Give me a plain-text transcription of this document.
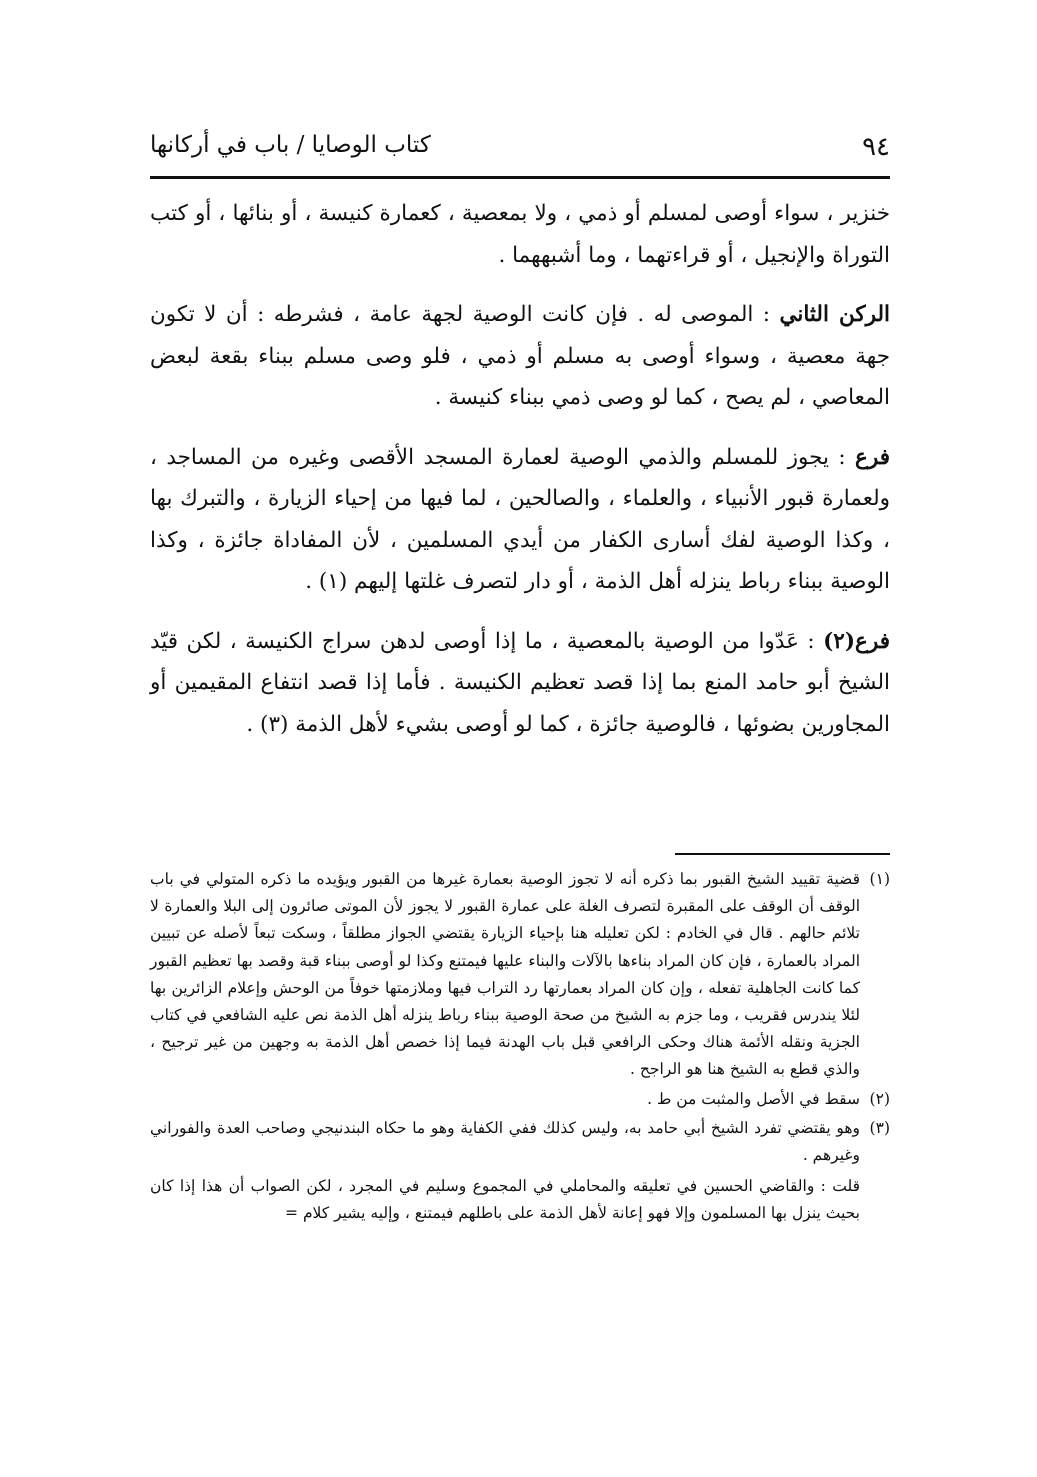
كتاب الوصايا / باب في أركانها	٩٤

خنزير ، سواء أوصى لمسلم أو ذمي ، ولا بمعصية ، كعمارة كنيسة ، أو بنائها ، أو كتب التوراة والإنجيل ، أو قراءتهما ، وما أشبههما .

الركن الثاني : الموصى له . فإن كانت الوصية لجهة عامة ، فشرطه : أن لا تكون جهة معصية ، وسواء أوصى به مسلم أو ذمي ، فلو وصى مسلم ببناء بقعة لبعض المعاصي ، لم يصح ، كما لو وصى ذمي ببناء كنيسة .

فرع : يجوز للمسلم والذمي الوصية لعمارة المسجد الأقصى وغيره من المساجد ، ولعمارة قبور الأنبياء ، والعلماء ، والصالحين ، لما فيها من إحياء الزيارة ، والتبرك بها ، وكذا الوصية لفك أسارى الكفار من أيدي المسلمين ، لأن المفاداة جائزة ، وكذا الوصية ببناء رباط ينزله أهل الذمة ، أو دار لتصرف غلتها إليهم (١) .

فرع(٢) : عَدّوا من الوصية بالمعصية ، ما إذا أوصى لدهن سراج الكنيسة ، لكن قيّد الشيخ أبو حامد المنع بما إذا قصد تعظيم الكنيسة . فأما إذا قصد انتفاع المقيمين أو المجاورين بضوئها ، فالوصية جائزة ، كما لو أوصى بشيء لأهل الذمة (٣) .

(١)
قضية تقييد الشيخ القبور بما ذكره أنه لا تجوز الوصية بعمارة غيرها من القبور ويؤيده ما ذكره المتولي في باب الوقف أن الوقف على المقبرة لتصرف الغلة على عمارة القبور لا يجوز لأن الموتى صائرون إلى البلا والعمارة لا تلائم حالهم . قال في الخادم : لكن تعليله هنا بإحياء الزيارة يقتضي الجواز مطلقاً ، وسكت تبعاً لأصله عن تبيين المراد بالعمارة ، فإن كان المراد بناءها بالآلات والبناء عليها فيمتنع وكذا لو أوصى ببناء قبة وقصد بها تعظيم القبور كما كانت الجاهلية تفعله ، وإن كان المراد بعمارتها رد التراب فيها وملازمتها خوفاً من الوحش وإعلام الزائرين بها لئلا يندرس فقريب ، وما جزم به الشيخ من صحة الوصية ببناء رباط ينزله أهل الذمة نص عليه الشافعي في كتاب الجزية ونقله الأئمة هناك وحكى الرافعي قبل باب الهدنة فيما إذا خصص أهل الذمة به وجهين من غير ترجيح ، والذي قطع به الشيخ هنا هو الراجح .
(٢)
سقط في الأصل والمثبت من ط .
(٣)
وهو يقتضي تفرد الشيخ أبي حامد به، وليس كذلك ففي الكفاية وهو ما حكاه البندنيجي وصاحب العدة والفوراني وغيرهم .
قلت : والقاضي الحسين في تعليقه والمحاملي في المجموع وسليم في المجرد ، لكن الصواب أن هذا إذا كان بحيث ينزل بها المسلمون وإلا فهو إعانة لأهل الذمة على باطلهم فيمتنع ، وإليه يشير كلام =
